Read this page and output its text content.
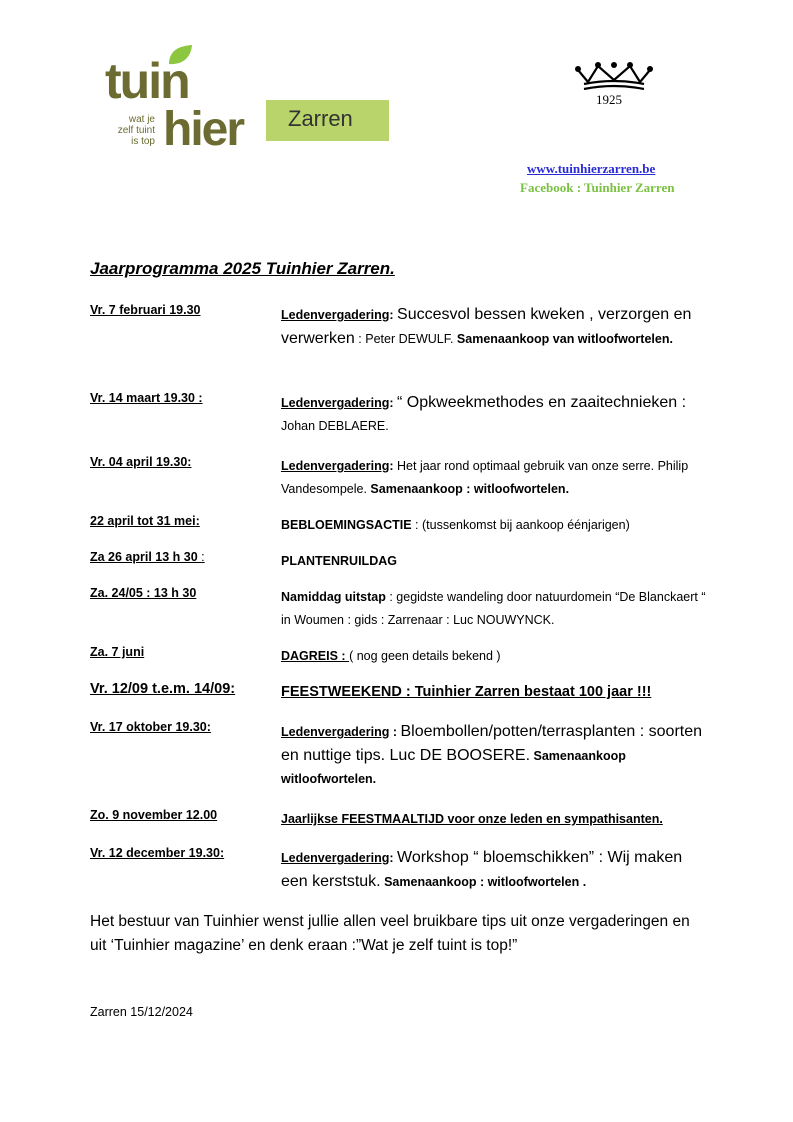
tuin
wat je
zelf tuint
is top hier Zarren
1925
www.tuinhierzarren.be
Facebook : Tuinhier Zarren
Jaarprogramma 2025 Tuinhier Zarren.
Vr. 7 februari 19.30	Ledenvergadering: Succesvol bessen kweken , verzorgen en verwerken : Peter DEWULF. Samenaankoop van witloofwortelen.
Vr. 14 maart 19.30 :	Ledenvergadering: “ Opkweekmethodes en zaaitechnieken : Johan DEBLAERE.
Vr. 04 april 19.30:	Ledenvergadering: Het jaar rond optimaal gebruik van onze serre. Philip Vandesompele. Samenaankoop : witloofwortelen.
22 april tot 31 mei:	BEBLOEMINGSACTIE : (tussenkomst bij aankoop éénjarigen)
Za 26 april 13 h 30 :	PLANTENRUILDAG
Za. 24/05 : 13 h 30	Namiddag uitstap : gegidste wandeling door natuurdomein “De Blanckaert “ in Woumen : gids : Zarrenaar : Luc NOUWYNCK.
Za. 7 juni	DAGREIS : ( nog geen details bekend )
Vr. 12/09 t.e.m. 14/09:	FEESTWEEKEND : Tuinhier Zarren bestaat 100 jaar !!!
Vr. 17 oktober 19.30:	Ledenvergadering : Bloembollen/potten/terrasplanten : soorten en nuttige tips. Luc DE BOOSERE. Samenaankoop witloofwortelen.
Zo. 9 november 12.00	Jaarlijkse FEESTMAALTIJD voor onze leden en sympathisanten.
Vr. 12 december 19.30:	Ledenvergadering: Workshop “ bloemschikken” : Wij maken een kerststuk. Samenaankoop : witloofwortelen .
Het bestuur van Tuinhier wenst jullie allen veel bruikbare tips uit onze vergaderingen en uit ‘Tuinhier magazine’ en denk eraan :”Wat je zelf tuint is top!”
Zarren 15/12/2024
